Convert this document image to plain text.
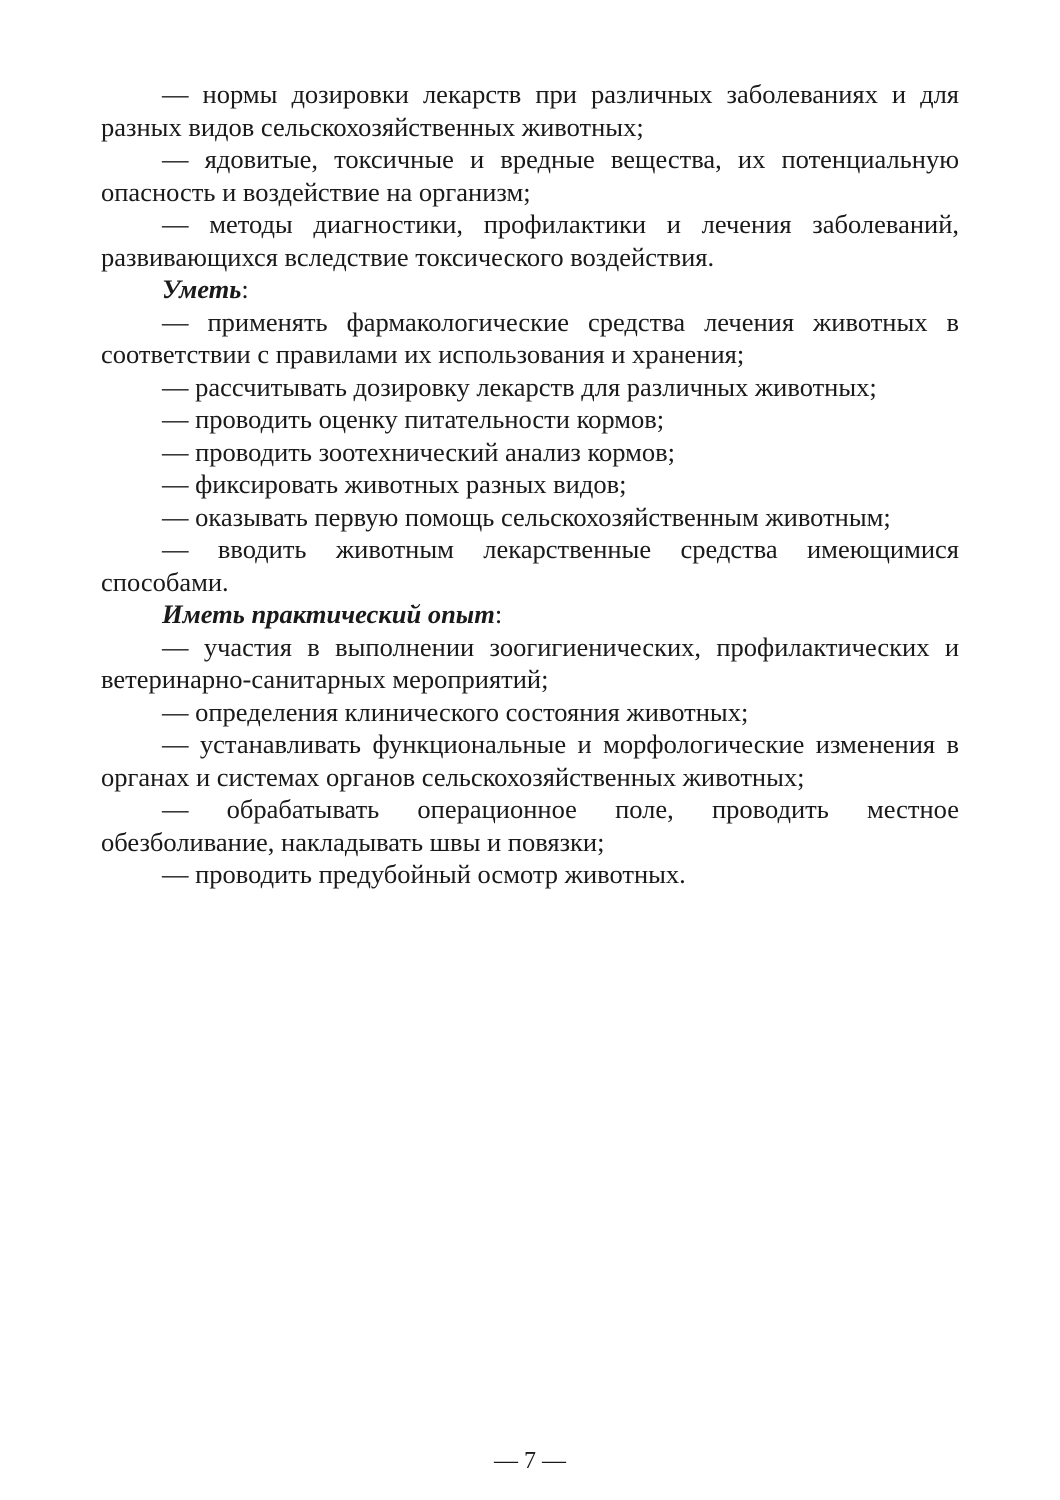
— нормы дозировки лекарств при различных заболеваниях и для разных видов сельскохозяйственных животных;

— ядовитые, токсичные и вредные вещества, их потенциальную опасность и воздействие на организм;

— методы диагностики, профилактики и лечения заболеваний, развивающихся вследствие токсического воздействия.

Уметь:

— применять фармакологические средства лечения животных в соответствии с правилами их использования и хранения;

— рассчитывать дозировку лекарств для различных животных;

— проводить оценку питательности кормов;

— проводить зоотехнический анализ кормов;

— фиксировать животных разных видов;

— оказывать первую помощь сельскохозяйственным животным;

— вводить животным лекарственные средства имеющимися способами.

Иметь практический опыт:

— участия в выполнении зоогигиенических, профилактических и ветеринарно-санитарных мероприятий;

— определения клинического состояния животных;

— устанавливать функциональные и морфологические изменения в органах и системах органов сельскохозяйственных животных;

— обрабатывать операционное поле, проводить местное обезболивание, накладывать швы и повязки;

— проводить предубойный осмотр животных.

— 7 —
